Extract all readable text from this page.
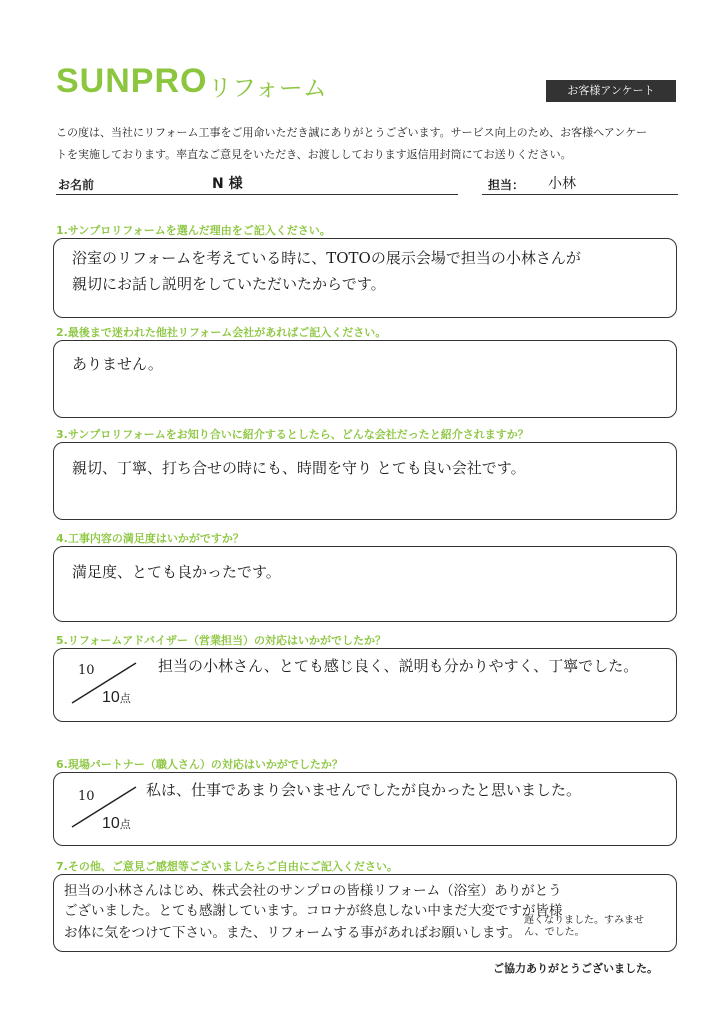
SUNPRO リフォーム	お客様アンケート
この度は、当社にリフォーム工事をご用命いただき誠にありがとうございます。サービス向上のため、お客様へアンケー
トを実施しております。率直なご意見をいただき、お渡ししております返信用封筒にてお送りください。
お名前	N 様	担当： 小林
1.サンプロリフォームを選んだ理由をご記入ください。
浴室のリフォームを考えている時に、TOTOの展示会場で担当の小林さんが
親切にお話し説明をしていただいたからです。
2.最後まで迷われた他社リフォーム会社があればご記入ください。
ありません。
3.サンプロリフォームをお知り合いに紹介するとしたら、どんな会社だったと紹介されますか？
親切、丁寧、打ち合せの時にも、時間を守り とても良い会社です。
4.工事内容の満足度はいかがですか？
満足度、とても良かったです。
5.リフォームアドバイザー（営業担当）の対応はいかがでしたか？
10
10点
担当の小林さん、とても感じ良く、説明も分かりやすく、丁寧でした。
6.現場パートナー（職人さん）の対応はいかがでしたか？
10
10点
私は、仕事であまり会いませんでしたが良かったと思いました。
7.その他、ご意見ご感想等ございましたらご自由にご記入ください。
担当の小林さんはじめ、株式会社のサンプロの皆様リフォーム（浴室）ありがとう
ございました。とても感謝しています。コロナが終息しない中まだ大変ですが皆様
お体に気をつけて下さい。また、リフォームする事があればお願いします。
遅くなりました。すみません、でした。
ご協力ありがとうございました。
